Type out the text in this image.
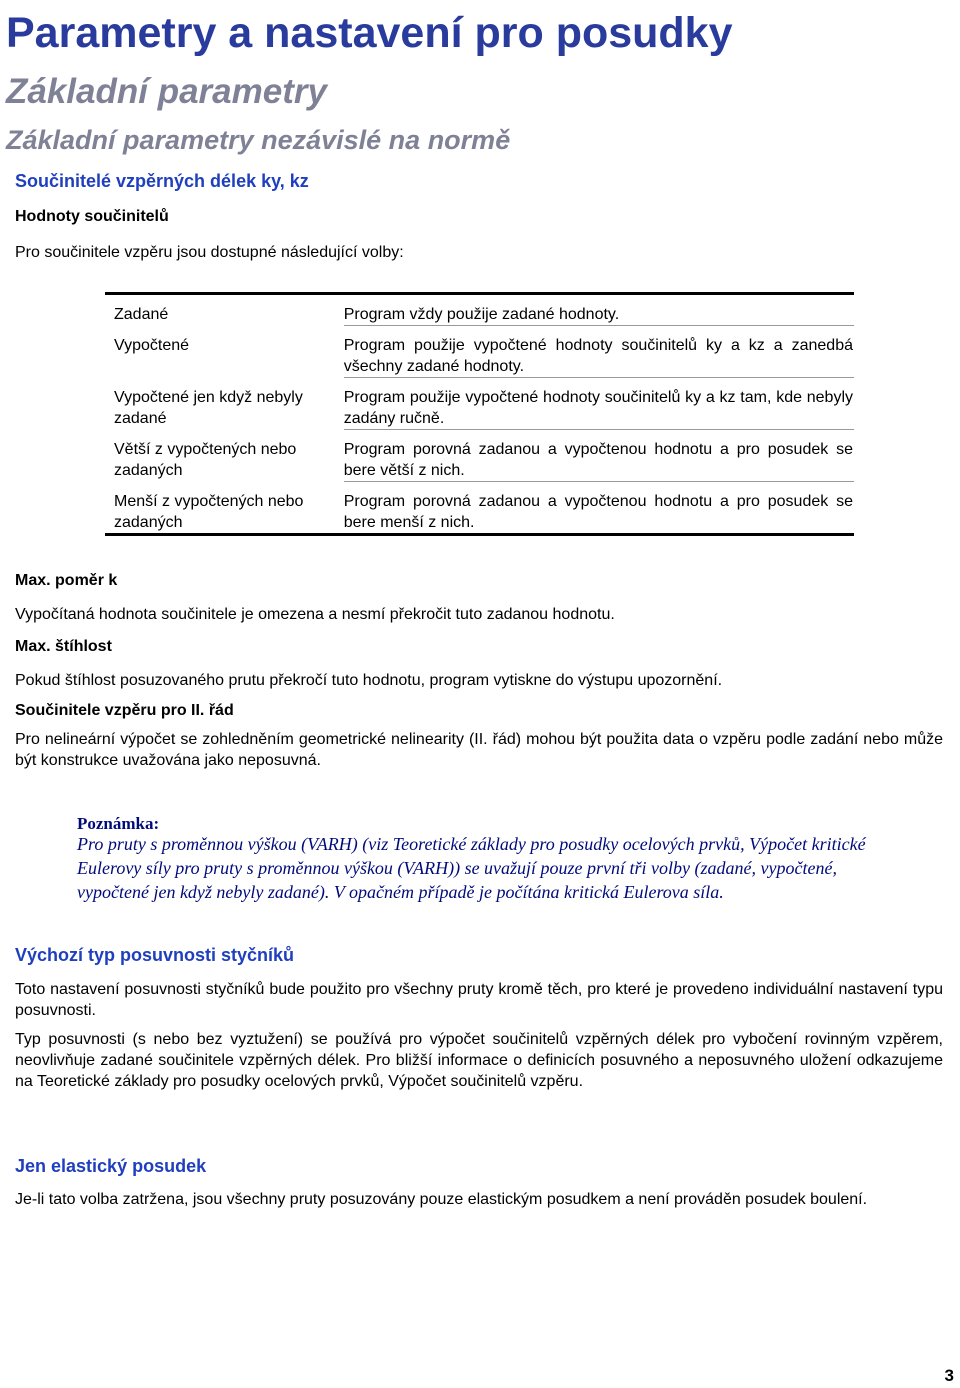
Parametry a nastavení pro posudky
Základní parametry
Základní parametry nezávislé na normě
Součinitelé vzpěrných délek ky, kz
Hodnoty součinitelů
Pro součinitele vzpěru jsou dostupné následující volby:
Zadané	Program vždy použije zadané hodnoty.
Vypočtené	Program použije vypočtené hodnoty součinitelů ky a kz a zanedbá všechny zadané hodnoty.
Vypočtené jen když nebyly zadané	Program použije vypočtené hodnoty součinitelů ky a kz tam, kde nebyly zadány ručně.
Větší z vypočtených nebo zadaných	Program porovná zadanou a vypočtenou hodnotu a pro posudek se bere větší z nich.
Menší z vypočtených nebo zadaných	Program porovná zadanou a vypočtenou hodnotu a pro posudek se bere menší z nich.
Max. poměr k
Vypočítaná hodnota součinitele je omezena a nesmí překročit tuto zadanou hodnotu.
Max. štíhlost
Pokud štíhlost posuzovaného prutu překročí tuto hodnotu, program vytiskne do výstupu upozornění.
Součinitele vzpěru pro II. řád
Pro nelineární výpočet se zohledněním geometrické nelinearity (II. řád) mohou být použita data o vzpěru podle zadání nebo může být konstrukce uvažována jako neposuvná.
Poznámka:
Pro pruty s proměnnou výškou (VARH) (viz Teoretické základy pro posudky ocelových prvků, Výpočet kritické Eulerovy síly pro pruty s proměnnou výškou (VARH)) se uvažují pouze první tři volby (zadané, vypočtené, vypočtené jen když nebyly zadané). V opačném případě je počítána kritická Eulerova síla.
Výchozí typ posuvnosti styčníků
Toto nastavení posuvnosti styčníků bude použito pro všechny pruty kromě těch, pro které je provedeno individuální nastavení typu posuvnosti.
Typ posuvnosti (s nebo bez vyztužení) se používá pro výpočet součinitelů vzpěrných délek pro vybočení rovinným vzpěrem, neovlivňuje zadané součinitele vzpěrných délek. Pro bližší informace o definicích posuvného a neposuvného uložení odkazujeme na Teoretické základy pro posudky ocelových prvků, Výpočet součinitelů vzpěru.
Jen elastický posudek
Je-li tato volba zatržena, jsou všechny pruty posuzovány pouze elastickým posudkem a není prováděn posudek boulení.
3
